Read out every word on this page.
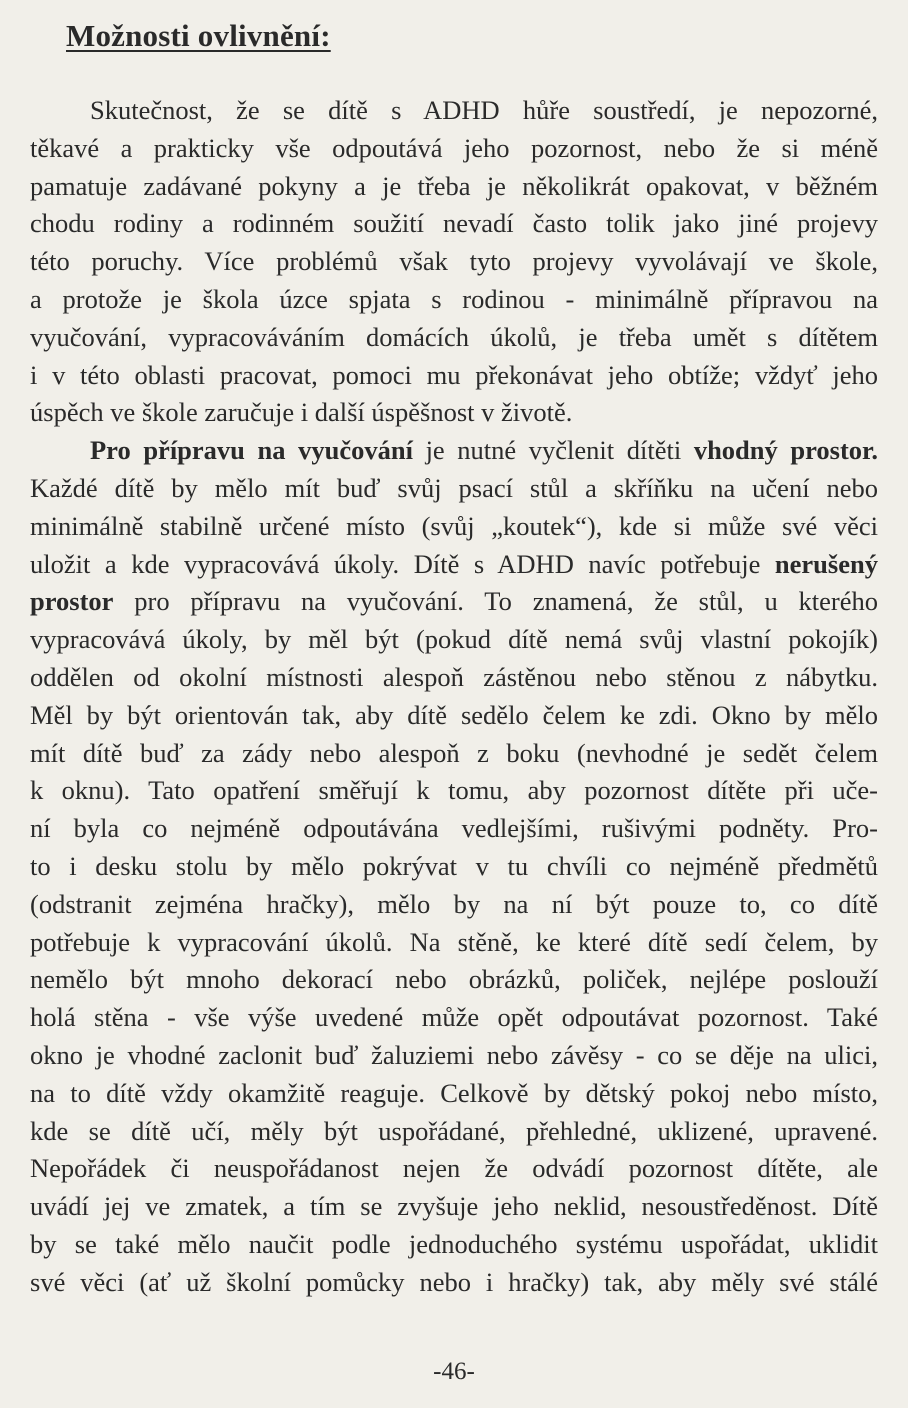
Možnosti ovlivnění:
Skutečnost, že se dítě s ADHD hůře soustředí, je nepozorné,
těkavé a prakticky vše odpoutává jeho pozornost, nebo že si méně
pamatuje zadávané pokyny a je třeba je několikrát opakovat, v běžném
chodu rodiny a rodinném soužití nevadí často tolik jako jiné projevy
této poruchy. Více problémů však tyto projevy vyvolávají ve škole,
a protože je škola úzce spjata s rodinou - minimálně přípravou na
vyučování, vypracováváním domácích úkolů, je třeba umět s dítětem
i v této oblasti pracovat, pomoci mu překonávat jeho obtíže; vždyť jeho
úspěch ve škole zaručuje i další úspěšnost v životě.
Pro přípravu na vyučování je nutné vyčlenit dítěti vhodný prostor.
Každé dítě by mělo mít buď svůj psací stůl a skříňku na učení nebo
minimálně stabilně určené místo (svůj „koutek“), kde si může své věci
uložit a kde vypracovává úkoly. Dítě s ADHD navíc potřebuje nerušený
prostor pro přípravu na vyučování. To znamená, že stůl, u kterého
vypracovává úkoly, by měl být (pokud dítě nemá svůj vlastní pokojík)
oddělen od okolní místnosti alespoň zástěnou nebo stěnou z nábytku.
Měl by být orientován tak, aby dítě sedělo čelem ke zdi. Okno by mělo
mít dítě buď za zády nebo alespoň z boku (nevhodné je sedět čelem
k oknu). Tato opatření směřují k tomu, aby pozornost dítěte při uče-
ní byla co nejméně odpoutávána vedlejšími, rušivými podněty. Pro-
to i desku stolu by mělo pokrývat v tu chvíli co nejméně předmětů
(odstranit zejména hračky), mělo by na ní být pouze to, co dítě
potřebuje k vypracování úkolů. Na stěně, ke které dítě sedí čelem, by
nemělo být mnoho dekorací nebo obrázků, poliček, nejlépe poslouží
holá stěna - vše výše uvedené může opět odpoutávat pozornost. Také
okno je vhodné zaclonit buď žaluziemi nebo závěsy - co se děje na ulici,
na to dítě vždy okamžitě reaguje. Celkově by dětský pokoj nebo místo,
kde se dítě učí, měly být uspořádané, přehledné, uklizené, upravené.
Nepořádek či neuspořádanost nejen že odvádí pozornost dítěte, ale
uvádí jej ve zmatek, a tím se zvyšuje jeho neklid, nesoustředěnost. Dítě
by se také mělo naučit podle jednoduchého systému uspořádat, uklidit
své věci (ať už školní pomůcky nebo i hračky) tak, aby měly své stálé
-46-
